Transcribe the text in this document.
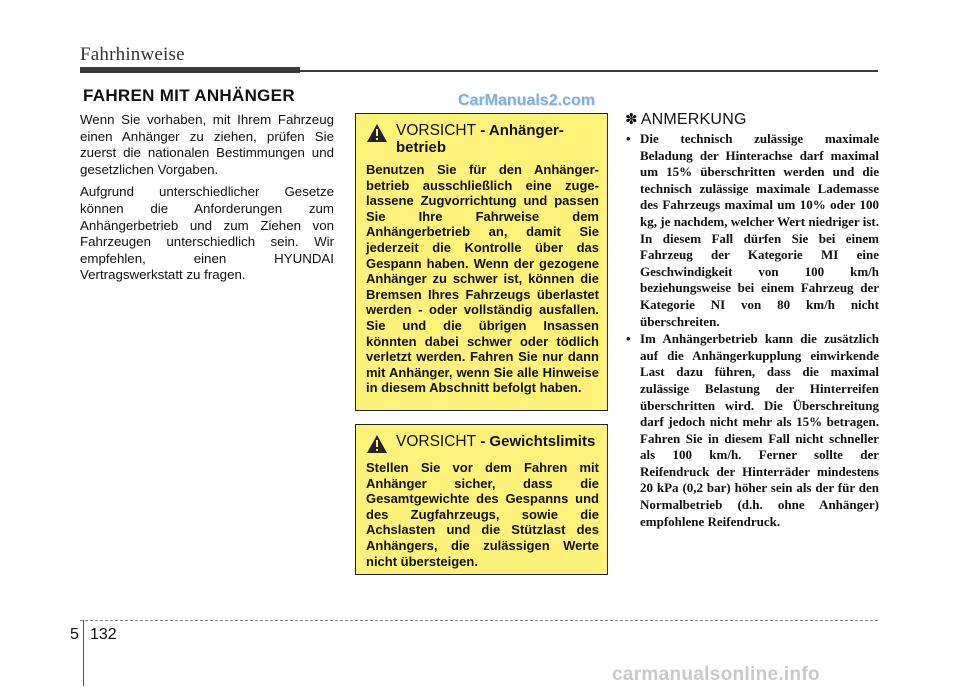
Fahrhinweise
FAHREN MIT ANHÄNGER

Wenn Sie vorhaben, mit Ihrem Fahrzeug einen Anhänger zu ziehen, prüfen Sie zuerst die nationalen Bestimmungen und gesetzlichen Vorgaben.

Aufgrund unterschiedlicher Gesetze können die Anforderungen zum Anhängerbetrieb und zum Ziehen von Fahrzeugen unterschiedlich sein. Wir empfehlen, einen HYUNDAI Vertragswerkstatt zu fragen.

CarManuals2.com
VORSICHT - Anhänger-betrieb
Benutzen Sie für den Anhänger-betrieb ausschließlich eine zuge-lassene Zugvorrichtung und passen Sie Ihre Fahrweise dem Anhängerbetrieb an, damit Sie jederzeit die Kontrolle über das Gespann haben. Wenn der gezogene Anhänger zu schwer ist, können die Bremsen Ihres Fahrzeugs überlastet werden - oder vollständig ausfallen. Sie und die übrigen Insassen könnten dabei schwer oder tödlich verletzt werden. Fahren Sie nur dann mit Anhänger, wenn Sie alle Hinweise in diesem Abschnitt befolgt haben.
VORSICHT - Gewichtslimits
Stellen Sie vor dem Fahren mit Anhänger sicher, dass die Gesamtgewichte des Gespanns und des Zugfahrzeugs, sowie die Achslasten und die Stützlast des Anhängers, die zulässigen Werte nicht übersteigen.
✽ ANMERKUNG
• Die technisch zulässige maximale Beladung der Hinterachse darf maximal um 15% überschritten werden und die technisch zulässige maximale Lademasse des Fahrzeugs maximal um 10% oder 100 kg, je nachdem, welcher Wert niedriger ist. In diesem Fall dürfen Sie bei einem Fahrzeug der Kategorie MI eine Geschwindigkeit von 100 km/h beziehungsweise bei einem Fahrzeug der Kategorie NI von 80 km/h nicht überschreiten.
• Im Anhängerbetrieb kann die zusätzlich auf die Anhängerkupplung einwirkende Last dazu führen, dass die maximal zulässige Belastung der Hinterreifen überschritten wird. Die Überschreitung darf jedoch nicht mehr als 15% betragen. Fahren Sie in diesem Fall nicht schneller als 100 km/h. Ferner sollte der Reifendruck der Hinterräder mindestens 20 kPa (0,2 bar) höher sein als der für den Normalbetrieb (d.h. ohne Anhänger) empfohlene Reifendruck.
5 132
carmanualsonline.info
